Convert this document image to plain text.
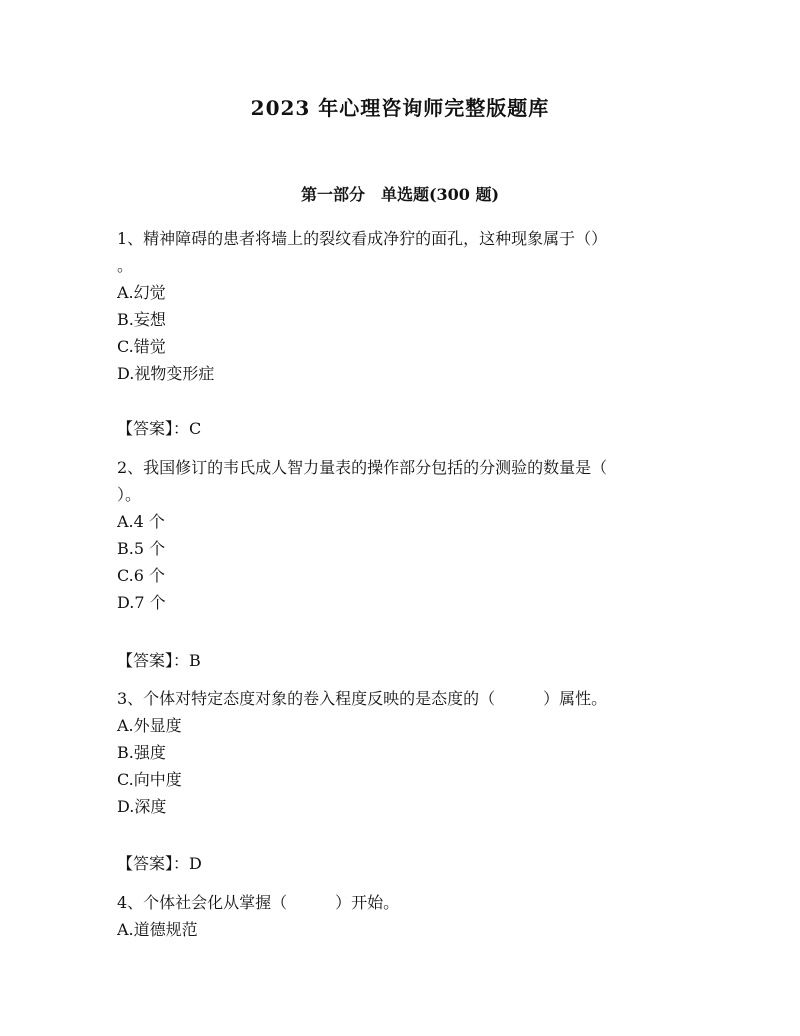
2023 年心理咨询师完整版题库
第一部分　单选题(300 题)
1、精神障碍的患者将墙上的裂纹看成净狞的面孔，这种现象属于（）
。
A.幻觉
B.妄想
C.错觉
D.视物变形症
【答案】：C
2、我国修订的韦氏成人智力量表的操作部分包括的分测验的数量是（
）。
A.4 个
B.5 个
C.6 个
D.7 个
【答案】：B
3、个体对特定态度对象的卷入程度反映的是态度的（　　　）属性。
A.外显度
B.强度
C.向中度
D.深度
【答案】：D
4、个体社会化从掌握（　　　）开始。
A.道德规范
